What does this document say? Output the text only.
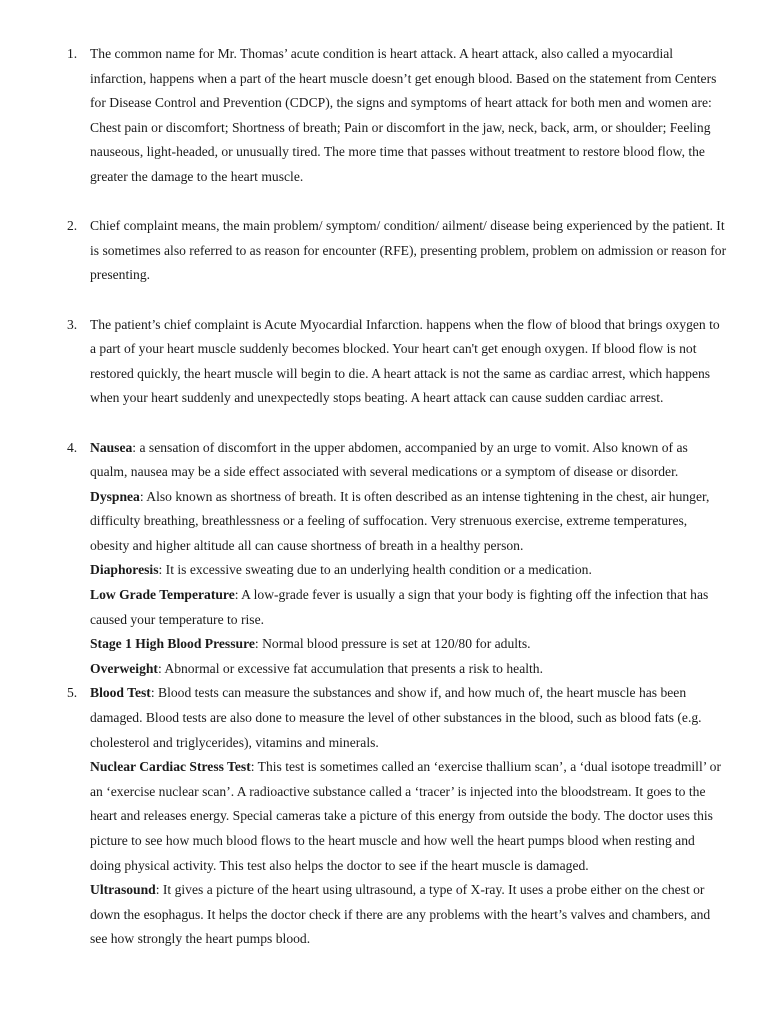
1. The common name for Mr. Thomas’ acute condition is heart attack. A heart attack, also called a myocardial infarction, happens when a part of the heart muscle doesn’t get enough blood. Based on the statement from Centers for Disease Control and Prevention (CDCP), the signs and symptoms of heart attack for both men and women are: Chest pain or discomfort; Shortness of breath; Pain or discomfort in the jaw, neck, back, arm, or shoulder; Feeling nauseous, light-headed, or unusually tired. The more time that passes without treatment to restore blood flow, the greater the damage to the heart muscle.

2. Chief complaint means, the main problem/ symptom/ condition/ ailment/ disease being experienced by the patient. It is sometimes also referred to as reason for encounter (RFE), presenting problem, problem on admission or reason for presenting.

3. The patient’s chief complaint is Acute Myocardial Infarction. happens when the flow of blood that brings oxygen to a part of your heart muscle suddenly becomes blocked. Your heart can't get enough oxygen. If blood flow is not restored quickly, the heart muscle will begin to die. A heart attack is not the same as cardiac arrest, which happens when your heart suddenly and unexpectedly stops beating. A heart attack can cause sudden cardiac arrest.

4. Nausea: a sensation of discomfort in the upper abdomen, accompanied by an urge to vomit. Also known of as qualm, nausea may be a side effect associated with several medications or a symptom of disease or disorder.

Dyspnea: Also known as shortness of breath. It is often described as an intense tightening in the chest, air hunger, difficulty breathing, breathlessness or a feeling of suffocation. Very strenuous exercise, extreme temperatures, obesity and higher altitude all can cause shortness of breath in a healthy person.

Diaphoresis: It is excessive sweating due to an underlying health condition or a medication.

Low Grade Temperature: A low-grade fever is usually a sign that your body is fighting off the infection that has caused your temperature to rise.

Stage 1 High Blood Pressure: Normal blood pressure is set at 120/80 for adults.

Overweight: Abnormal or excessive fat accumulation that presents a risk to health.

5. Blood Test: Blood tests can measure the substances and show if, and how much of, the heart muscle has been damaged. Blood tests are also done to measure the level of other substances in the blood, such as blood fats (e.g. cholesterol and triglycerides), vitamins and minerals.

Nuclear Cardiac Stress Test: This test is sometimes called an ‘exercise thallium scan’, a ‘dual isotope treadmill’ or an ‘exercise nuclear scan’. A radioactive substance called a ‘tracer’ is injected into the bloodstream. It goes to the heart and releases energy. Special cameras take a picture of this energy from outside the body. The doctor uses this picture to see how much blood flows to the heart muscle and how well the heart pumps blood when resting and doing physical activity. This test also helps the doctor to see if the heart muscle is damaged.

Ultrasound: It gives a picture of the heart using ultrasound, a type of X-ray. It uses a probe either on the chest or down the esophagus. It helps the doctor check if there are any problems with the heart’s valves and chambers, and see how strongly the heart pumps blood.
